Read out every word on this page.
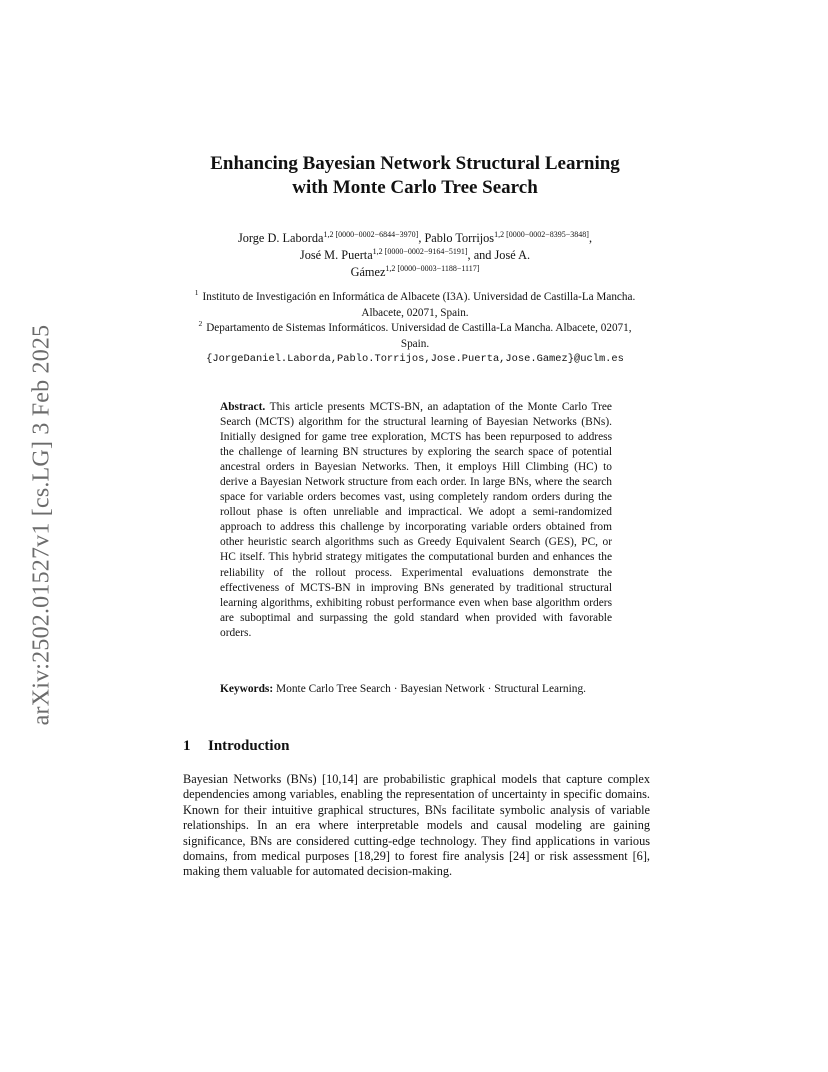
arXiv:2502.01527v1 [cs.LG] 3 Feb 2025
Enhancing Bayesian Network Structural Learning
with Monte Carlo Tree Search
Jorge D. Laborda$^{1,2 [0000-0002-6844-3970]}$, Pablo Torrijos$^{1,2 [0000-0002-8395-3848]}$,
José M. Puerta$^{1,2 [0000-0002-9164-5191]}$, and José A.
Gámez$^{1,2 [0000-0003-1188-1117]}$
$^1$ Instituto de Investigación en Informática de Albacete (I3A). Universidad de Castilla-La Mancha. Albacete, 02071, Spain.
$^2$ Departamento de Sistemas Informáticos. Universidad de Castilla-La Mancha. Albacete, 02071, Spain.
{JorgeDaniel.Laborda,Pablo.Torrijos,Jose.Puerta,Jose.Gamez}@uclm.es
Abstract. This article presents MCTS-BN, an adaptation of the Monte Carlo Tree Search (MCTS) algorithm for the structural learning of Bayesian Networks (BNs). Initially designed for game tree exploration, MCTS has been repurposed to address the challenge of learning BN structures by exploring the search space of potential ancestral orders in Bayesian Networks. Then, it employs Hill Climbing (HC) to derive a Bayesian Network structure from each order. In large BNs, where the search space for variable orders becomes vast, using completely random orders during the rollout phase is often unreliable and impractical. We adopt a semi-randomized approach to address this challenge by incorporating variable orders obtained from other heuristic search algorithms such as Greedy Equivalent Search (GES), PC, or HC itself. This hybrid strategy mitigates the computational burden and enhances the reliability of the rollout process. Experimental evaluations demonstrate the effectiveness of MCTS-BN in improving BNs generated by traditional structural learning algorithms, exhibiting robust performance even when base algorithm orders are suboptimal and surpassing the gold standard when provided with favorable orders.
Keywords: Monte Carlo Tree Search · Bayesian Network · Structural Learning.
1 Introduction
Bayesian Networks (BNs) [10,14] are probabilistic graphical models that capture complex dependencies among variables, enabling the representation of uncertainty in specific domains. Known for their intuitive graphical structures, BNs facilitate symbolic analysis of variable relationships. In an era where interpretable models and causal modeling are gaining significance, BNs are considered cutting-edge technology. They find applications in various domains, from medical purposes [18,29] to forest fire analysis [24] or risk assessment [6], making them valuable for automated decision-making.
